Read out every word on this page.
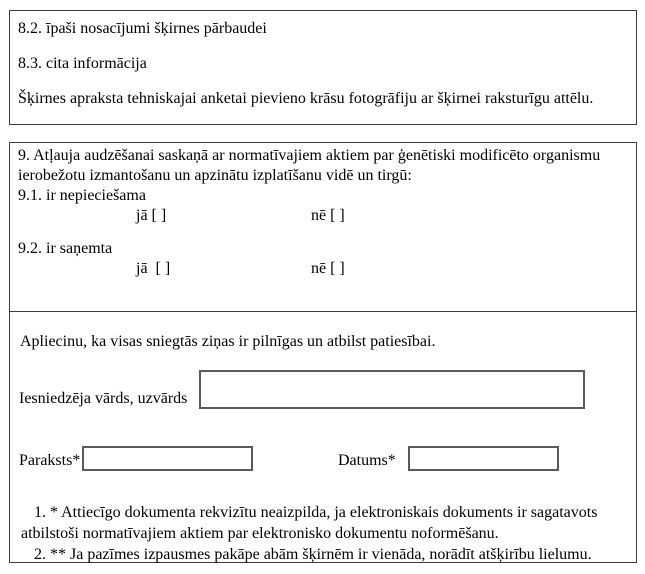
8.2. īpaši nosacījumi šķirnes pārbaudei

8.3. cita informācija

Šķirnes apraksta tehniskajai anketai pievieno krāsu fotogrāfiju ar šķirnei raksturīgu attēlu.

9. Atļauja audzēšanai saskaņā ar normatīvajiem aktiem par ģenētiski modificēto organismu ierobežotu izmantošanu un apzinātu izplatīšanu vidē un tirgū:

9.1. ir nepieciešama

jā [ ]	nē [ ]

9.2. ir saņemta

jā  [ ]	nē [ ]

Apliecinu, ka visas sniegtās ziņas ir pilnīgas un atbilst patiesībai.

Iesniedzēja vārds, uzvārds

Paraksts*	Datums*

1. * Attiecīgo dokumenta rekvizītu neaizpilda, ja elektroniskais dokuments ir sagatavots atbilstoši normatīvajiem aktiem par elektronisko dokumentu noformēšanu.

2. ** Ja pazīmes izpausmes pakāpe abām šķirnēm ir vienāda, norādīt atšķirību lielumu.
